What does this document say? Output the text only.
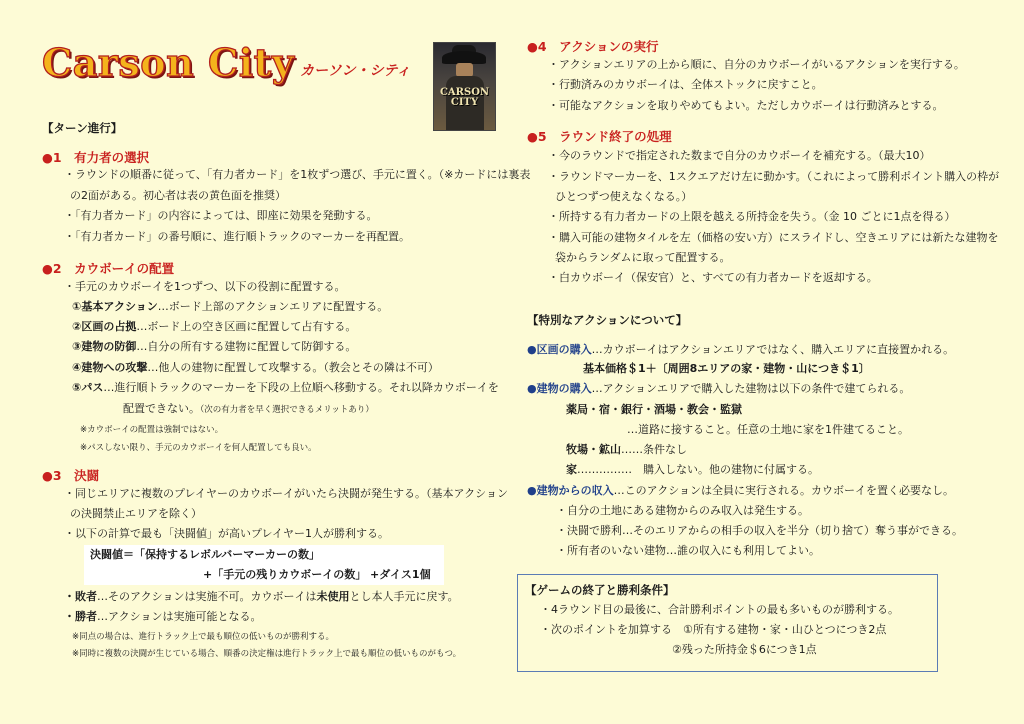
Carson City カーソン・シティ
CARSON
CITY
【ターン進行】
●1　有力者の選択
・ラウンドの順番に従って、「有力者カード」を1枚ずつ選び、手元に置く。（※カードには裏表
の2面がある。初心者は表の黄色面を推奨）
・「有力者カード」の内容によっては、即座に効果を発動する。
・「有力者カード」の番号順に、進行順トラックのマーカーを再配置。
●2　カウボーイの配置
・手元のカウボーイを1つずつ、以下の役割に配置する。
①基本アクション…ボード上部のアクションエリアに配置する。
②区画の占拠…ボード上の空き区画に配置して占有する。
③建物の防御…自分の所有する建物に配置して防御する。
④建物への攻撃…他人の建物に配置して攻撃する。（教会とその隣は不可）
⑤パス…進行順トラックのマーカーを下段の上位順へ移動する。それ以降カウボーイを
配置できない。（次の有力者を早く選択できるメリットあり）
※カウボーイの配置は強制ではない。
※パスしない限り、手元のカウボーイを何人配置しても良い。
●3　決闘
・同じエリアに複数のプレイヤーのカウボーイがいたら決闘が発生する。（基本アクション
の決闘禁止エリアを除く）
・以下の計算で最も「決闘値」が高いプレイヤー1人が勝利する。
決闘値＝「保持するレボルバーマーカーの数」
+「手元の残りカウボーイの数」 +ダイス1個
・敗者…そのアクションは実施不可。カウボーイは未使用とし本人手元に戻す。
・勝者…アクションは実施可能となる。
※同点の場合は、進行トラック上で最も順位の低いものが勝利する。
※同時に複数の決闘が生じている場合、順番の決定権は進行トラック上で最も順位の低いものがもつ。
●4　アクションの実行
・アクションエリアの上から順に、自分のカウボーイがいるアクションを実行する。
・行動済みのカウボーイは、全体ストックに戻すこと。
・可能なアクションを取りやめてもよい。ただしカウボーイは行動済みとする。
●5　ラウンド終了の処理
・今のラウンドで指定された数まで自分のカウボーイを補充する。（最大10）
・ラウンドマーカーを、1スクエアだけ左に動かす。（これによって勝利ポイント購入の枠が
ひとつずつ使えなくなる。）
・所持する有力者カードの上限を越える所持金を失う。（金 10 ごとに1点を得る）
・購入可能の建物タイルを左（価格の安い方）にスライドし、空きエリアには新たな建物を
袋からランダムに取って配置する。
・白カウボーイ（保安官）と、すべての有力者カードを返却する。
【特別なアクションについて】
●区画の購入…カウボーイはアクションエリアではなく、購入エリアに直接置かれる。
基本価格＄1＋〔周囲8エリアの家・建物・山につき＄1〕
●建物の購入…アクションエリアで購入した建物は以下の条件で建てられる。
薬局・宿・銀行・酒場・教会・監獄
…道路に接すること。任意の土地に家を1件建てること。
牧場・鉱山……条件なし
家……………　購入しない。他の建物に付属する。
●建物からの収入…このアクションは全員に実行される。カウボーイを置く必要なし。
・自分の土地にある建物からのみ収入は発生する。
・決闘で勝利…そのエリアからの相手の収入を半分（切り捨て）奪う事ができる。
・所有者のいない建物…誰の収入にも利用してよい。
【ゲームの終了と勝利条件】
・4ラウンド目の最後に、合計勝利ポイントの最も多いものが勝利する。
・次のポイントを加算する　①所有する建物・家・山ひとつにつき2点
②残った所持金＄6につき1点
